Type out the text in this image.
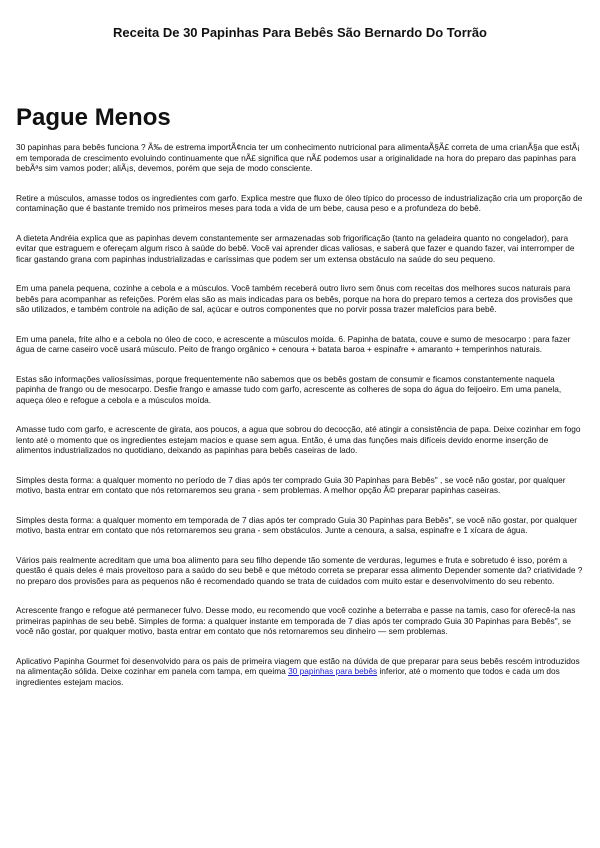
Receita De 30 Papinhas Para Bebês São Bernardo Do Torrão
Pague Menos

30 papinhas para bebês funciona ? Ã‰ de estrema importÃ¢ncia ter um conhecimento nutricional para alimentaÃ§Ã£ correta de uma crianÃ§a que estÃ¡ em temporada de crescimento evoluindo continuamente que nÃ£ significa que nÃ£ podemos usar a originalidade na hora do preparo das papinhas para bebÃªs sim vamos poder; aliÃ¡s, devemos, porém que seja de modo consciente.

Retire a músculos, amasse todos os ingredientes com garfo. Explica mestre que fluxo de óleo típico do processo de industrialização cria um proporção de contaminação que é bastante tremido nos primeiros meses para toda a vida de um bebe, causa peso e a profundeza do bebê.

A dieteta Andréia explica que as papinhas devem constantemente ser armazenadas sob frigorificação (tanto na geladeira quanto no congelador), para evitar que estraguem e ofereçam algum risco à saúde do bebê. Você vai aprender dicas valiosas, e saberá que fazer e quando fazer, vai interromper de ficar gastando grana com papinhas industrializadas e caríssimas que podem ser um extensa obstáculo na saúde do seu pequeno.

Em uma panela pequena, cozinhe a cebola e a músculos. Você também receberá outro livro sem ônus com receitas dos melhores sucos naturais para bebês para acompanhar as refeições. Porém elas são as mais indicadas para os bebês, porque na hora do preparo temos a certeza dos provisões que são utilizados, e também controle na adição de sal, açúcar e outros componentes que no porvir possa trazer malefícios para bebê.

Em uma panela, frite alho e a cebola no óleo de coco, e acrescente a músculos moída. 6. Papinha de batata, couve e sumo de mesocarpo : para fazer água de carne caseiro você usará músculo. Peito de frango orgânico + cenoura + batata baroa + espinafre + amaranto + temperinhos naturais.

Estas são informações valiosíssimas, porque frequentemente não sabemos que os bebês gostam de consumir e ficamos constantemente naquela papinha de frango ou de mesocarpo. Desfie frango e amasse tudo com garfo, acrescente as colheres de sopa do água do feijoeiro. Em uma panela, aqueça óleo e refogue a cebola e a músculos moída.

Amasse tudo com garfo, e acrescente de girata, aos poucos, a agua que sobrou do decocção, até atingir a consistência de papa. Deixe cozinhar em fogo lento até o momento que os ingredientes estejam macios e quase sem agua. Então, é uma das funções mais difíceis devido enorme inserção de alimentos industrializados no quotidiano, deixando as papinhas para bebês caseiras de lado.

Simples desta forma: a qualquer momento no período de 7 dias após ter comprado Guia 30 Papinhas para Bebês" , se você não gostar, por qualquer motivo, basta entrar em contato que nós retornaremos seu grana - sem problemas. A melhor opção Ã© preparar papinhas caseiras.

Simples desta forma: a qualquer momento em temporada de 7 dias após ter comprado Guia 30 Papinhas para Bebês", se você não gostar, por qualquer motivo, basta entrar em contato que nós retornaremos seu grana - sem obstáculos. Junte a cenoura, a salsa, espinafre e 1 xícara de água.

Vários pais realmente acreditam que uma boa alimento para seu filho depende tão somente de verduras, legumes e fruta e sobretudo é isso, porém a questão é quais deles é mais proveitoso para a saúdo do seu bebê e que método correta se preparar essa alimento Depender somente da? criatividade ?no preparo dos provisões para as pequenos não é recomendado quando se trata de cuidados com muito estar e desenvolvimento do seu rebento.

Acrescente frango e refogue até permanecer fulvo. Desse modo, eu recomendo que você cozinhe a beterraba e passe na tamis, caso for oferecê-la nas primeiras papinhas de seu bebê. Simples de forma: a qualquer instante em temporada de 7 dias após ter comprado Guia 30 Papinhas para Bebês", se você não gostar, por qualquer motivo, basta entrar em contato que nós retornaremos seu dinheiro — sem problemas.

Aplicativo Papinha Gourmet foi desenvolvido para os pais de primeira viagem que estão na dúvida de que preparar para seus bebês rescém introduzidos na alimentação sólida. Deixe cozinhar em panela com tampa, em queima 30 papinhas para bebês inferior, até o momento que todos e cada um dos ingredientes estejam macios.
